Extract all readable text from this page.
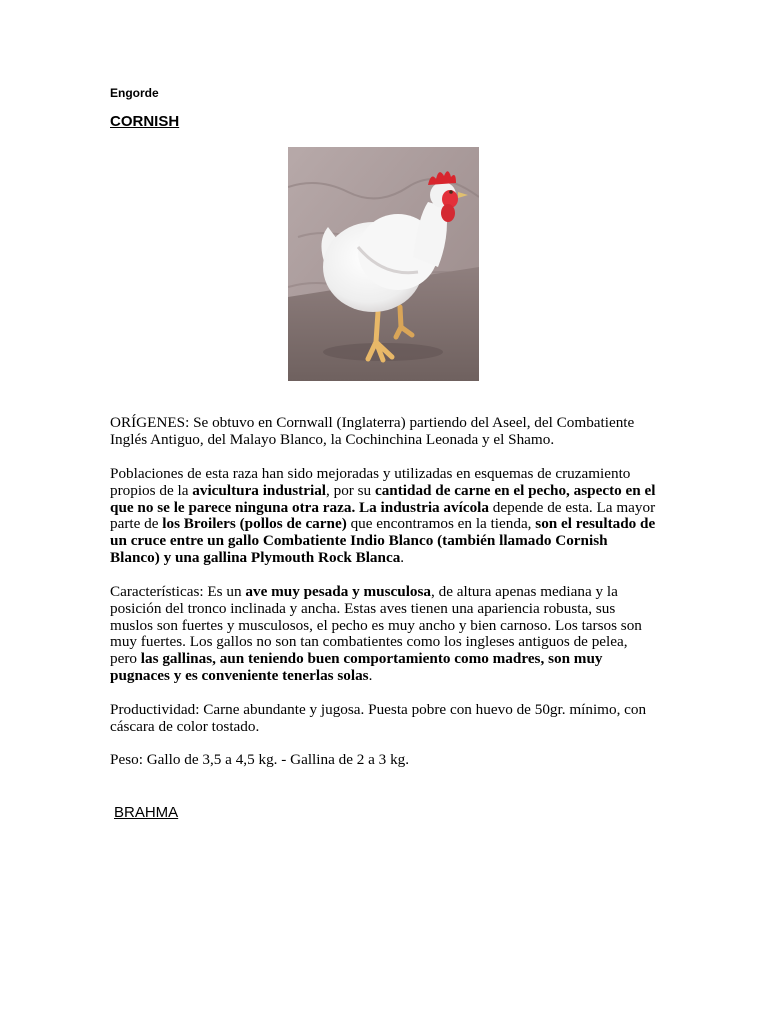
Engorde
CORNISH

ORÍGENES: Se obtuvo en Cornwall (Inglaterra) partiendo del Aseel, del Combatiente Inglés Antiguo, del Malayo Blanco, la Cochinchina Leonada y el Shamo.

Poblaciones de esta raza han sido mejoradas y utilizadas en esquemas de cruzamiento propios de la avicultura industrial, por su cantidad de carne en el pecho, aspecto en el que no se le parece ninguna otra raza. La industria avícola depende de esta. La mayor parte de los Broilers (pollos de carne) que encontramos en la tienda, son el resultado de un cruce entre un gallo Combatiente Indio Blanco (también llamado Cornish Blanco) y una gallina Plymouth Rock Blanca.

Características: Es un ave muy pesada y musculosa, de altura apenas mediana y la posición del tronco inclinada y ancha. Estas aves tienen una apariencia robusta, sus muslos son fuertes y musculosos, el pecho es muy ancho y bien carnoso. Los tarsos son muy fuertes. Los gallos no son tan combatientes como los ingleses antiguos de pelea, pero las gallinas, aun teniendo buen comportamiento como madres, son muy pugnaces y es conveniente tenerlas solas.

Productividad: Carne abundante y jugosa. Puesta pobre con huevo de 50gr. mínimo, con cáscara de color tostado.

Peso: Gallo de 3,5 a 4,5 kg. - Gallina de 2 a 3 kg.

BRAHMA
